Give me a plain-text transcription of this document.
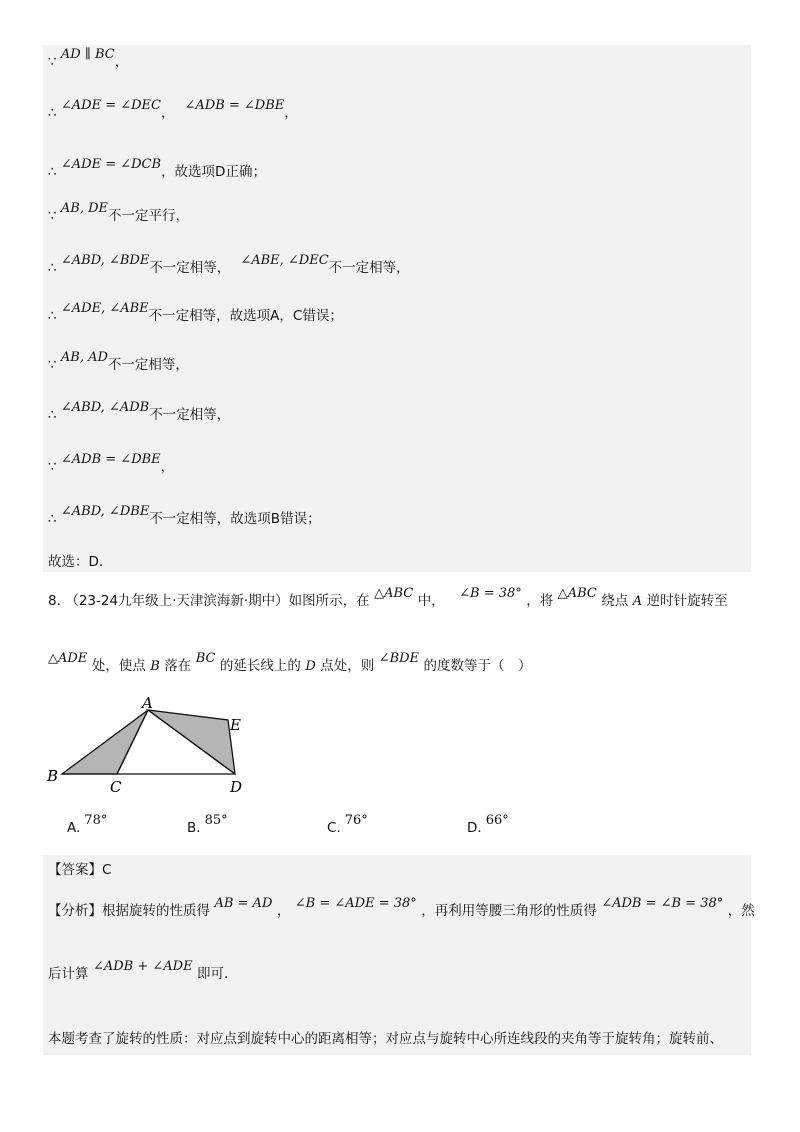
∵ AD ∥ BC，
∴ ∠ADE = ∠DEC， ∠ADB = ∠DBE，
∴ ∠ADE = ∠DCB，故选项D正确；
∵ AB, DE不一定平行，
∴ ∠ABD, ∠BDE不一定相等， ∠ABE, ∠DEC不一定相等，
∴ ∠ADE, ∠ABE不一定相等，故选项A，C错误；
∵ AB, AD不一定相等，
∴ ∠ABD, ∠ADB不一定相等，
∵ ∠ADB = ∠DBE，
∴ ∠ABD, ∠DBE不一定相等，故选项B错误；
故选：D.
8. （23-24九年级上·天津滨海新·期中）如图所示，在 △ABC 中， ∠B = 38° ，将 △ABC 绕点 A 逆时针旋转至
△ADE 处，使点 B 落在 BC 的延长线上的 D 点处，则 ∠BDE 的度数等于（　）
A
B
C	D
E
A. 78°	B. 85°	C. 76°	D. 66°
【答案】C
【分析】根据旋转的性质得 AB = AD ， ∠B = ∠ADE = 38° ，再利用等腰三角形的性质得 ∠ADB = ∠B = 38° ，然
后计算 ∠ADB + ∠ADE 即可.
本题考查了旋转的性质：对应点到旋转中心的距离相等；对应点与旋转中心所连线段的夹角等于旋转角；旋转前、
